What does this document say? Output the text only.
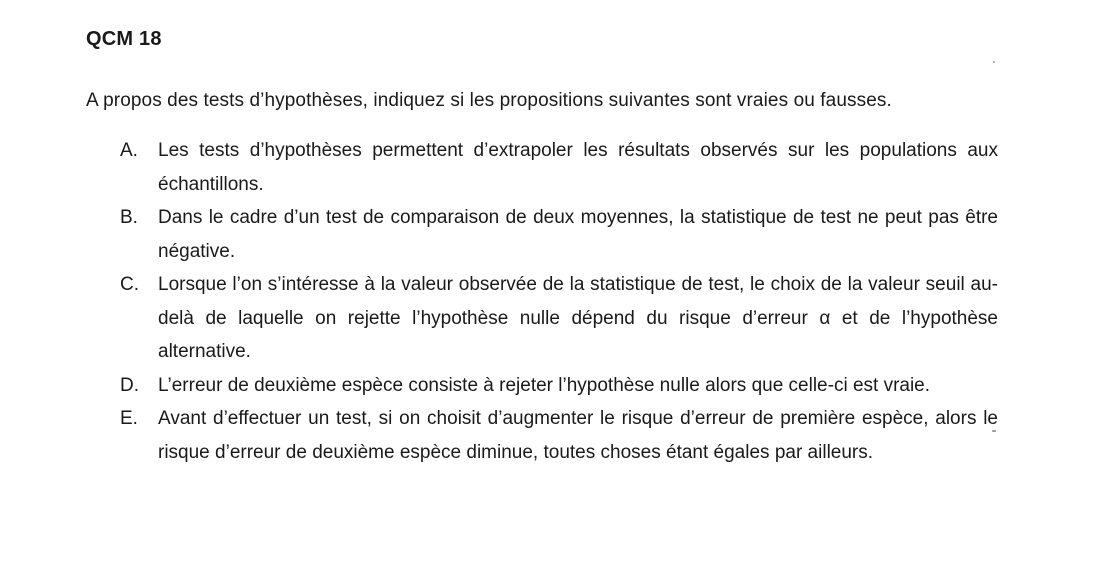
QCM 18
A propos des tests d’hypothèses, indiquez si les propositions suivantes sont vraies ou fausses.
A.	Les tests d’hypothèses permettent d’extrapoler les résultats observés sur les populations aux échantillons.
B.	Dans le cadre d’un test de comparaison de deux moyennes, la statistique de test ne peut pas être négative.
C.	Lorsque l’on s’intéresse à la valeur observée de la statistique de test, le choix de la valeur seuil au-delà de laquelle on rejette l’hypothèse nulle dépend du risque d’erreur α et de l’hypothèse alternative.
D.	L’erreur de deuxième espèce consiste à rejeter l’hypothèse nulle alors que celle-ci est vraie.
E.	Avant d’effectuer un test, si on choisit d’augmenter le risque d’erreur de première espèce, alors le risque d’erreur de deuxième espèce diminue, toutes choses étant égales par ailleurs.
